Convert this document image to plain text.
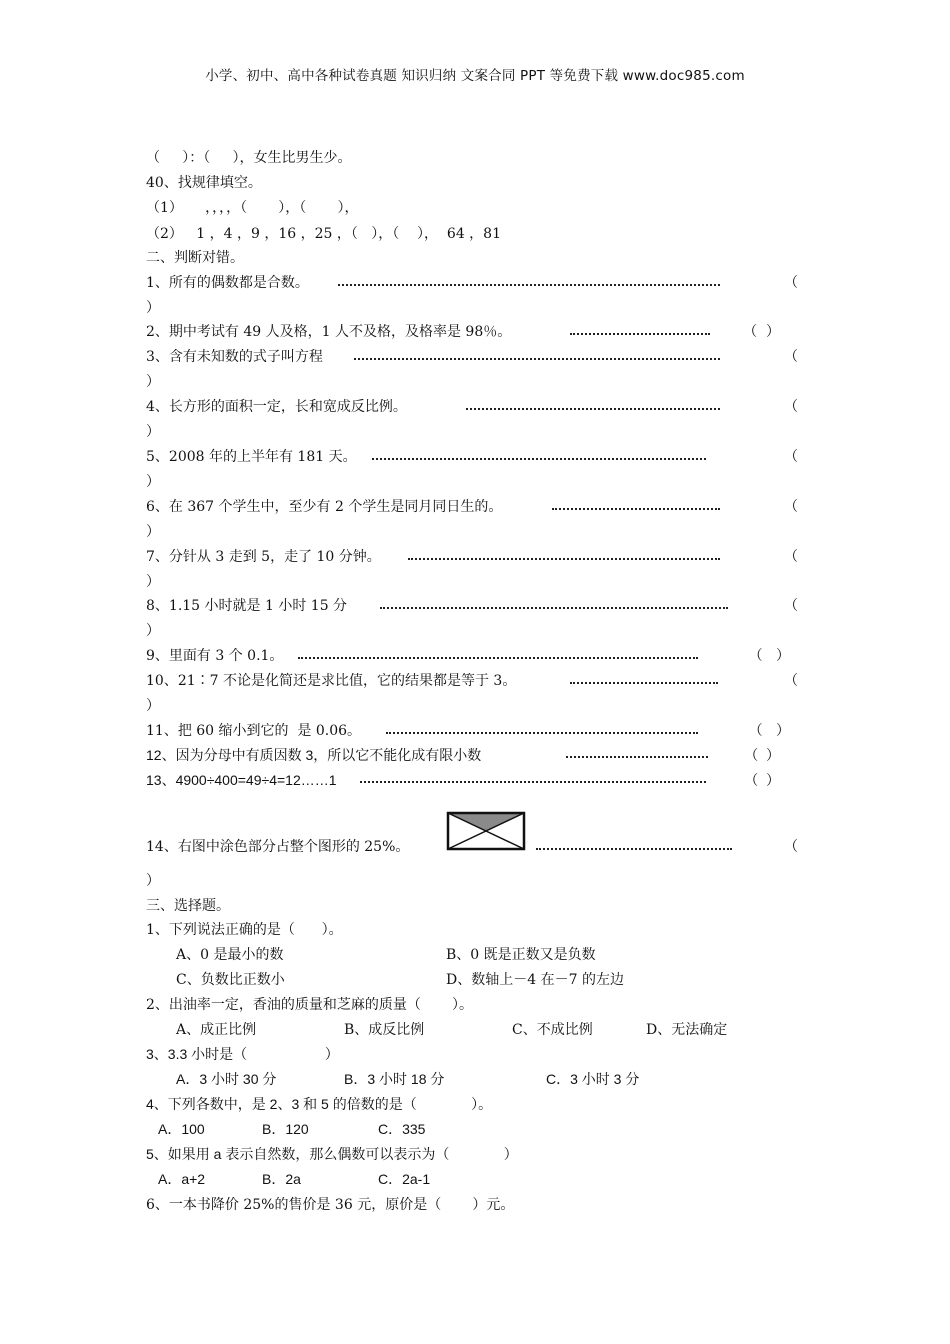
小学、初中、高中各种试卷真题 知识归纳 文案合同 PPT 等免费下载 www.doc985.com
（     ）：（     ），女生比男生少。
40、找规律填空。
（1）     ，，，，（       ），（       ），
（2）   1 ，4 ，9 ，16 ，25 ，（   ），（    ），  64 ，81
二、判断对错。
1、所有的偶数都是合数。	（
）
2、期中考试有 49 人及格，1 人不及格，及格率是 98％。	（  ）
3、含有未知数的式子叫方程	（
）
4、长方形的面积一定，长和宽成反比例。	（
）
5、2008 年的上半年有 181 天。	（
）
6、在 367 个学生中，至少有 2 个学生是同月同日生的。	（
）
7、分针从 3 走到 5，走了 10 分钟。	（
）
8、1.15 小时就是 1 小时 15 分	（
）
9、里面有 3 个 0.1。	（   ）
10、21∶7 不论是化简还是求比值，它的结果都是等于 3。	（
）
11、把 60 缩小到它的  是 0.06。	（   ）
12、因为分母中有质因数 3，所以它不能化成有限小数	（  ）
13、4900÷400=49÷4=12……1	（  ）
14、右图中涂色部分占整个图形的 25%。	（
）
三、选择题。
1、下列说法正确的是（      ）。
A、0 是最小的数	B、0 既是正数又是负数
C、负数比正数小	D、数轴上－4 在－7 的左边
2、出油率一定，香油的质量和芝麻的质量（       ）。
A、成正比例	B、成反比例	C、不成比例	D、无法确定
3、3.3 小时是（                    ）
A．3 小时 30 分	B．3 小时 18 分	C．3 小时 3 分
4、下列各数中，是 2、3 和 5 的倍数的是（              ）。
A．100	B．120	C．335
5、如果用 a 表示自然数，那么偶数可以表示为（              ）
A．a+2	B．2a	C．2a-1
6、一本书降价 25%的售价是 36 元，原价是（       ）元。
